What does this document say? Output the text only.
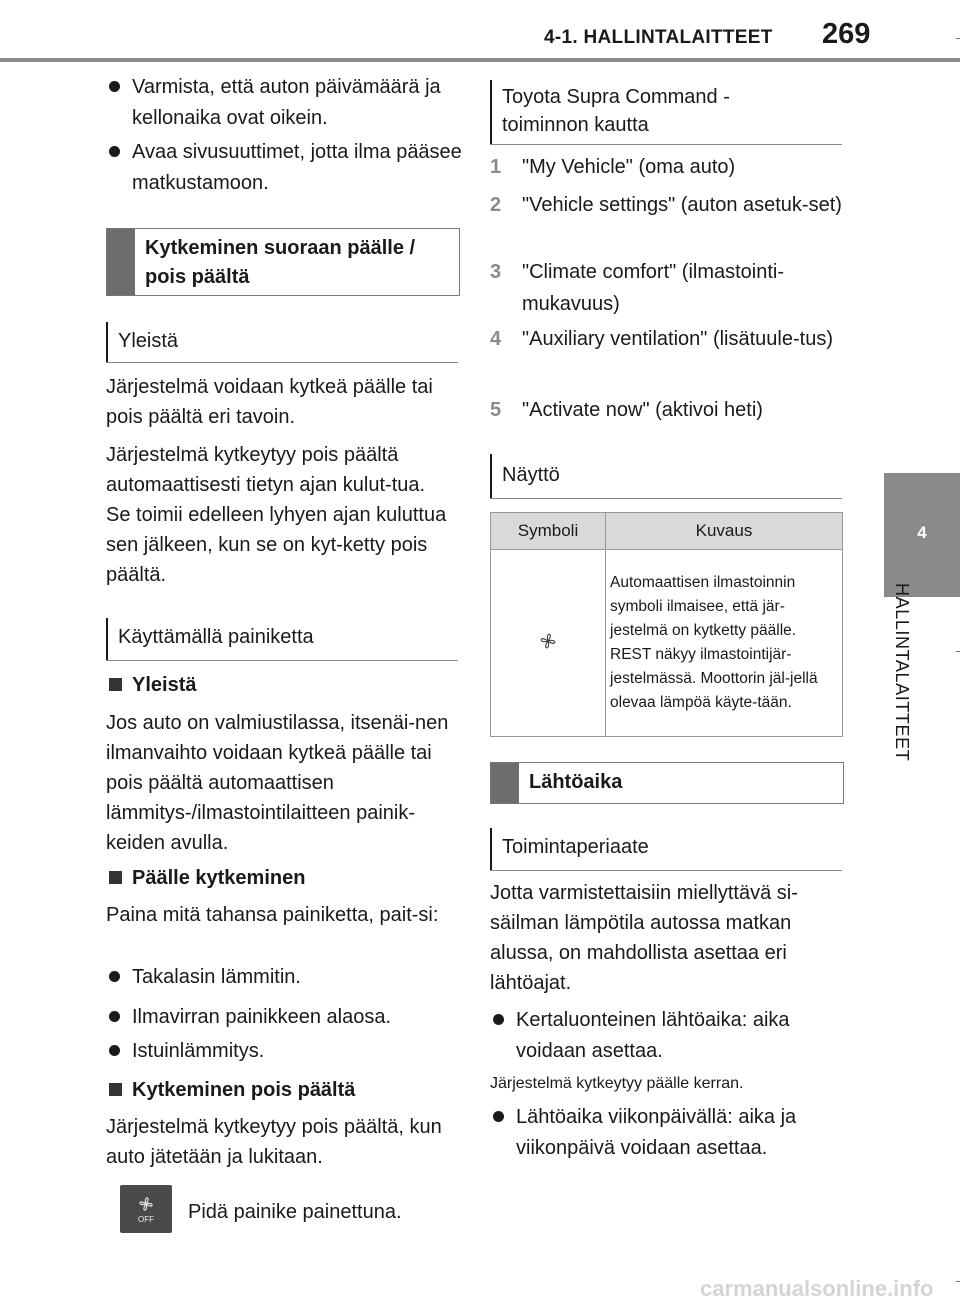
4-1. HALLINTALAITTEET 269
4
HALLINTALAITTEET
Varmista, että auton päivämäärä ja kellonaika ovat oikein.
Avaa sivusuuttimet, jotta ilma pääsee matkustamoon.
Kytkeminen suoraan päälle / pois päältä
Yleistä
Järjestelmä voidaan kytkeä päälle tai pois päältä eri tavoin.
Järjestelmä kytkeytyy pois päältä automaattisesti tietyn ajan kulut-tua. Se toimii edelleen lyhyen ajan kuluttua sen jälkeen, kun se on kyt-ketty pois päältä.
Käyttämällä painiketta
Yleistä
Jos auto on valmiustilassa, itsenäi-nen ilmanvaihto voidaan kytkeä päälle tai pois päältä automaattisen lämmitys-/ilmastointilaitteen painik-keiden avulla.
Päälle kytkeminen
Paina mitä tahansa painiketta, pait-si:
Takalasin lämmitin.
Ilmavirran painikkeen alaosa.
Istuinlämmitys.
Kytkeminen pois päältä
Järjestelmä kytkeytyy pois päältä, kun auto jätetään ja lukitaan.
Pidä painike painettuna.
OFF
Toyota Supra Command -toiminnon kautta
1 "My Vehicle" (oma auto)
2 "Vehicle settings" (auton asetuk-set)
3 "Climate comfort" (ilmastointi-mukavuus)
4 "Auxiliary ventilation" (lisätuule-tus)
5 "Activate now" (aktivoi heti)
Näyttö
Symboli	Kuvaus
	Automaattisen ilmastoinnin symboli ilmaisee, että jär-jestelmä on kytketty päälle. REST näkyy ilmastointijär-jestelmässä. Moottorin jäl-jellä olevaa lämpöä käyte-tään.
Lähtöaika
Toimintaperiaate
Jotta varmistettaisiin miellyttävä si-säilman lämpötila autossa matkan alussa, on mahdollista asettaa eri lähtöajat.
Kertaluonteinen lähtöaika: aika voidaan asettaa.
Järjestelmä kytkeytyy päälle kerran.
Lähtöaika viikonpäivällä: aika ja viikonpäivä voidaan asettaa.
carmanualsonline.info
